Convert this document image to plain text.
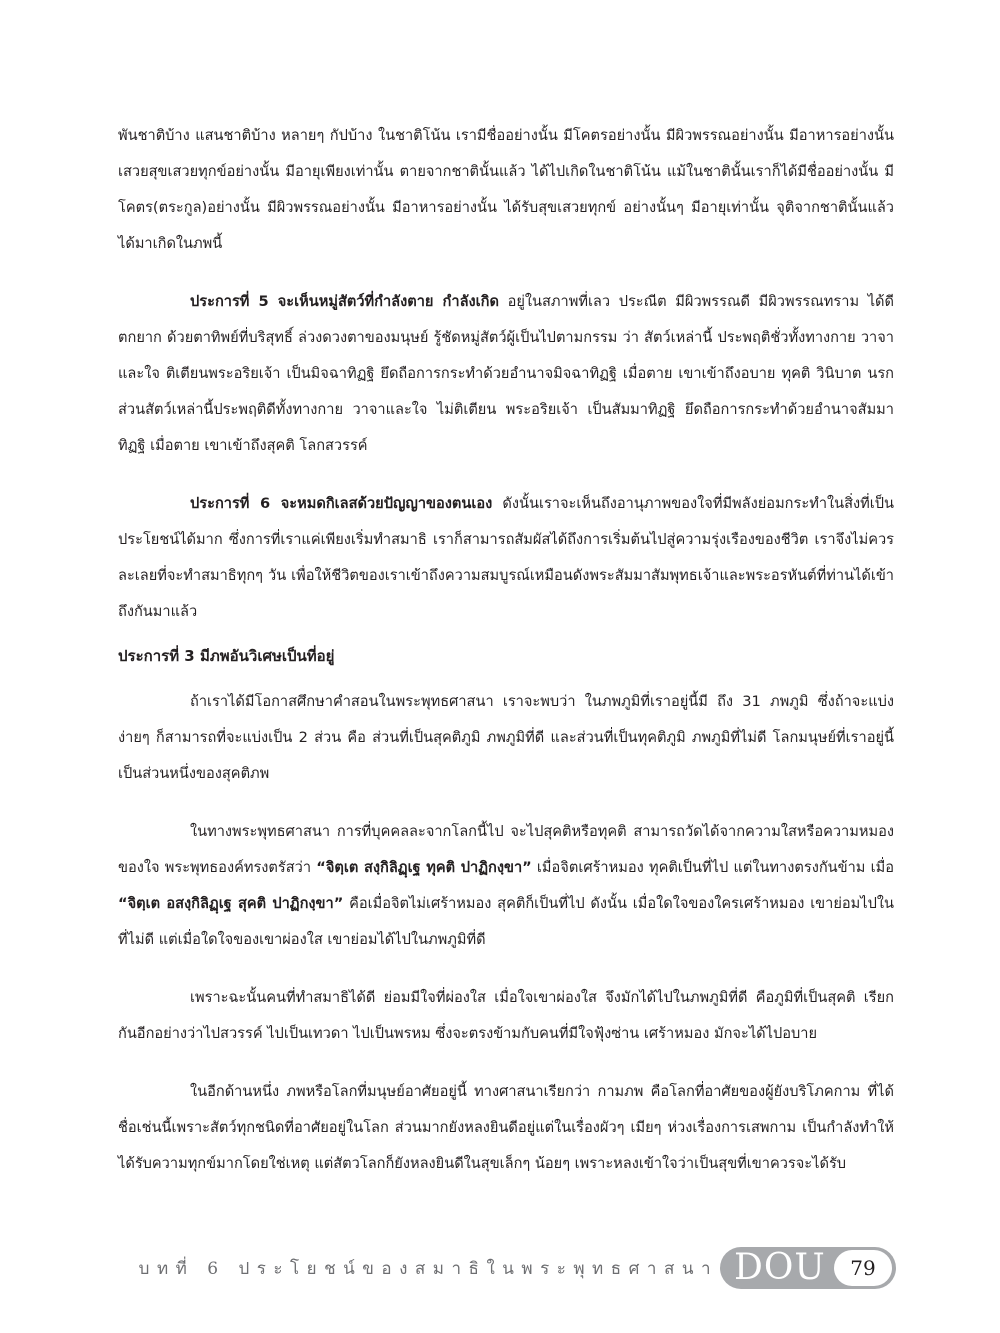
พันชาติบ้าง แสนชาติบ้าง หลายๆ กัปบ้าง ในชาติโน้น เรามีชื่ออย่างนั้น มีโคตรอย่างนั้น มีผิวพรรณอย่างนั้น มีอาหารอย่างนั้น เสวยสุขเสวยทุกข์อย่างนั้น มีอายุเพียงเท่านั้น ตายจากชาตินั้นแล้ว ได้ไปเกิดในชาติโน้น แม้ในชาตินั้นเราก็ได้มีชื่ออย่างนั้น มีโคตร(ตระกูล)อย่างนั้น มีผิวพรรณอย่างนั้น มีอาหารอย่างนั้น ได้รับสุขเสวยทุกข์ อย่างนั้นๆ มีอายุเท่านั้น จุติจากชาตินั้นแล้ว ได้มาเกิดในภพนี้

ประการที่ 5 จะเห็นหมู่สัตว์ที่กำลังตาย กำลังเกิด อยู่ในสภาพที่เลว ประณีต มีผิวพรรณดี มีผิวพรรณทราม ได้ดี ตกยาก ด้วยตาทิพย์ที่บริสุทธิ์ ล่วงดวงตาของมนุษย์ รู้ชัดหมู่สัตว์ผู้เป็นไปตามกรรม ว่า สัตว์เหล่านี้ ประพฤติชั่วทั้งทางกาย วาจาและใจ ติเตียนพระอริยเจ้า เป็นมิจฉาทิฏฐิ ยึดถือการกระทำด้วยอำนาจมิจฉาทิฏฐิ เมื่อตาย เขาเข้าถึงอบาย ทุคติ วินิบาต นรก ส่วนสัตว์เหล่านี้ประพฤติดีทั้งทางกาย วาจาและใจ ไม่ติเตียน พระอริยเจ้า เป็นสัมมาทิฏฐิ ยึดถือการกระทำด้วยอำนาจสัมมาทิฏฐิ เมื่อตาย เขาเข้าถึงสุคติ โลกสวรรค์

ประการที่ 6 จะหมดกิเลสด้วยปัญญาของตนเอง ดังนั้นเราจะเห็นถึงอานุภาพของใจที่มีพลังย่อมกระทำในสิ่งที่เป็นประโยชน์ได้มาก ซึ่งการที่เราแค่เพียงเริ่มทำสมาธิ เราก็สามารถสัมผัสได้ถึงการเริ่มต้นไปสู่ความรุ่งเรืองของชีวิต เราจึงไม่ควรละเลยที่จะทำสมาธิทุกๆ วัน เพื่อให้ชีวิตของเราเข้าถึงความสมบูรณ์เหมือนดังพระสัมมาสัมพุทธเจ้าและพระอรหันต์ที่ท่านได้เข้าถึงกันมาแล้ว

ประการที่ 3 มีภพอันวิเศษเป็นที่อยู่

ถ้าเราได้มีโอกาสศึกษาคำสอนในพระพุทธศาสนา เราจะพบว่า ในภพภูมิที่เราอยู่นี้มี ถึง 31 ภพภูมิ ซึ่งถ้าจะแบ่งง่ายๆ ก็สามารถที่จะแบ่งเป็น 2 ส่วน คือ ส่วนที่เป็นสุคติภูมิ ภพภูมิที่ดี และส่วนที่เป็นทุคติภูมิ ภพภูมิที่ไม่ดี โลกมนุษย์ที่เราอยู่นี้เป็นส่วนหนึ่งของสุคติภพ

ในทางพระพุทธศาสนา การที่บุคคลละจากโลกนี้ไป จะไปสุคติหรือทุคติ สามารถวัดได้จากความใสหรือความหมองของใจ พระพุทธองค์ทรงตรัสว่า “จิตฺเต สงฺกิลิฏฺเฐ ทุคติ ปาฏิกงฺขา” เมื่อจิตเศร้าหมอง ทุคติเป็นที่ไป แต่ในทางตรงกันข้าม เมื่อ “จิตฺเต อสงฺกิลิฏฺเฐ สุคติ ปาฏิกงฺขา” คือเมื่อจิตไม่เศร้าหมอง สุคติก็เป็นที่ไป ดังนั้น เมื่อใดใจของใครเศร้าหมอง เขาย่อมไปในที่ไม่ดี แต่เมื่อใดใจของเขาผ่องใส เขาย่อมได้ไปในภพภูมิที่ดี

เพราะฉะนั้นคนที่ทำสมาธิได้ดี ย่อมมีใจที่ผ่องใส เมื่อใจเขาผ่องใส จึงมักได้ไปในภพภูมิที่ดี คือภูมิที่เป็นสุคติ เรียกกันอีกอย่างว่าไปสวรรค์ ไปเป็นเทวดา ไปเป็นพรหม ซึ่งจะตรงข้ามกับคนที่มีใจฟุ้งซ่าน เศร้าหมอง มักจะได้ไปอบาย

ในอีกด้านหนึ่ง ภพหรือโลกที่มนุษย์อาศัยอยู่นี้ ทางศาสนาเรียกว่า กามภพ คือโลกที่อาศัยของผู้ยังบริโภคกาม ที่ได้ชื่อเช่นนี้เพราะสัตว์ทุกชนิดที่อาศัยอยู่ในโลก ส่วนมากยังหลงยินดีอยู่แต่ในเรื่องผัวๆ เมียๆ ห่วงเรื่องการเสพกาม เป็นกำลังทำให้ได้รับความทุกข์มากโดยใช่เหตุ แต่สัตวโลกก็ยังหลงยินดีในสุขเล็กๆ น้อยๆ เพราะหลงเข้าใจว่าเป็นสุขที่เขาควรจะได้รับ

บทที่ 6 ประโยชน์ของสมาธิในพระพุทธศาสนา DOU	79
